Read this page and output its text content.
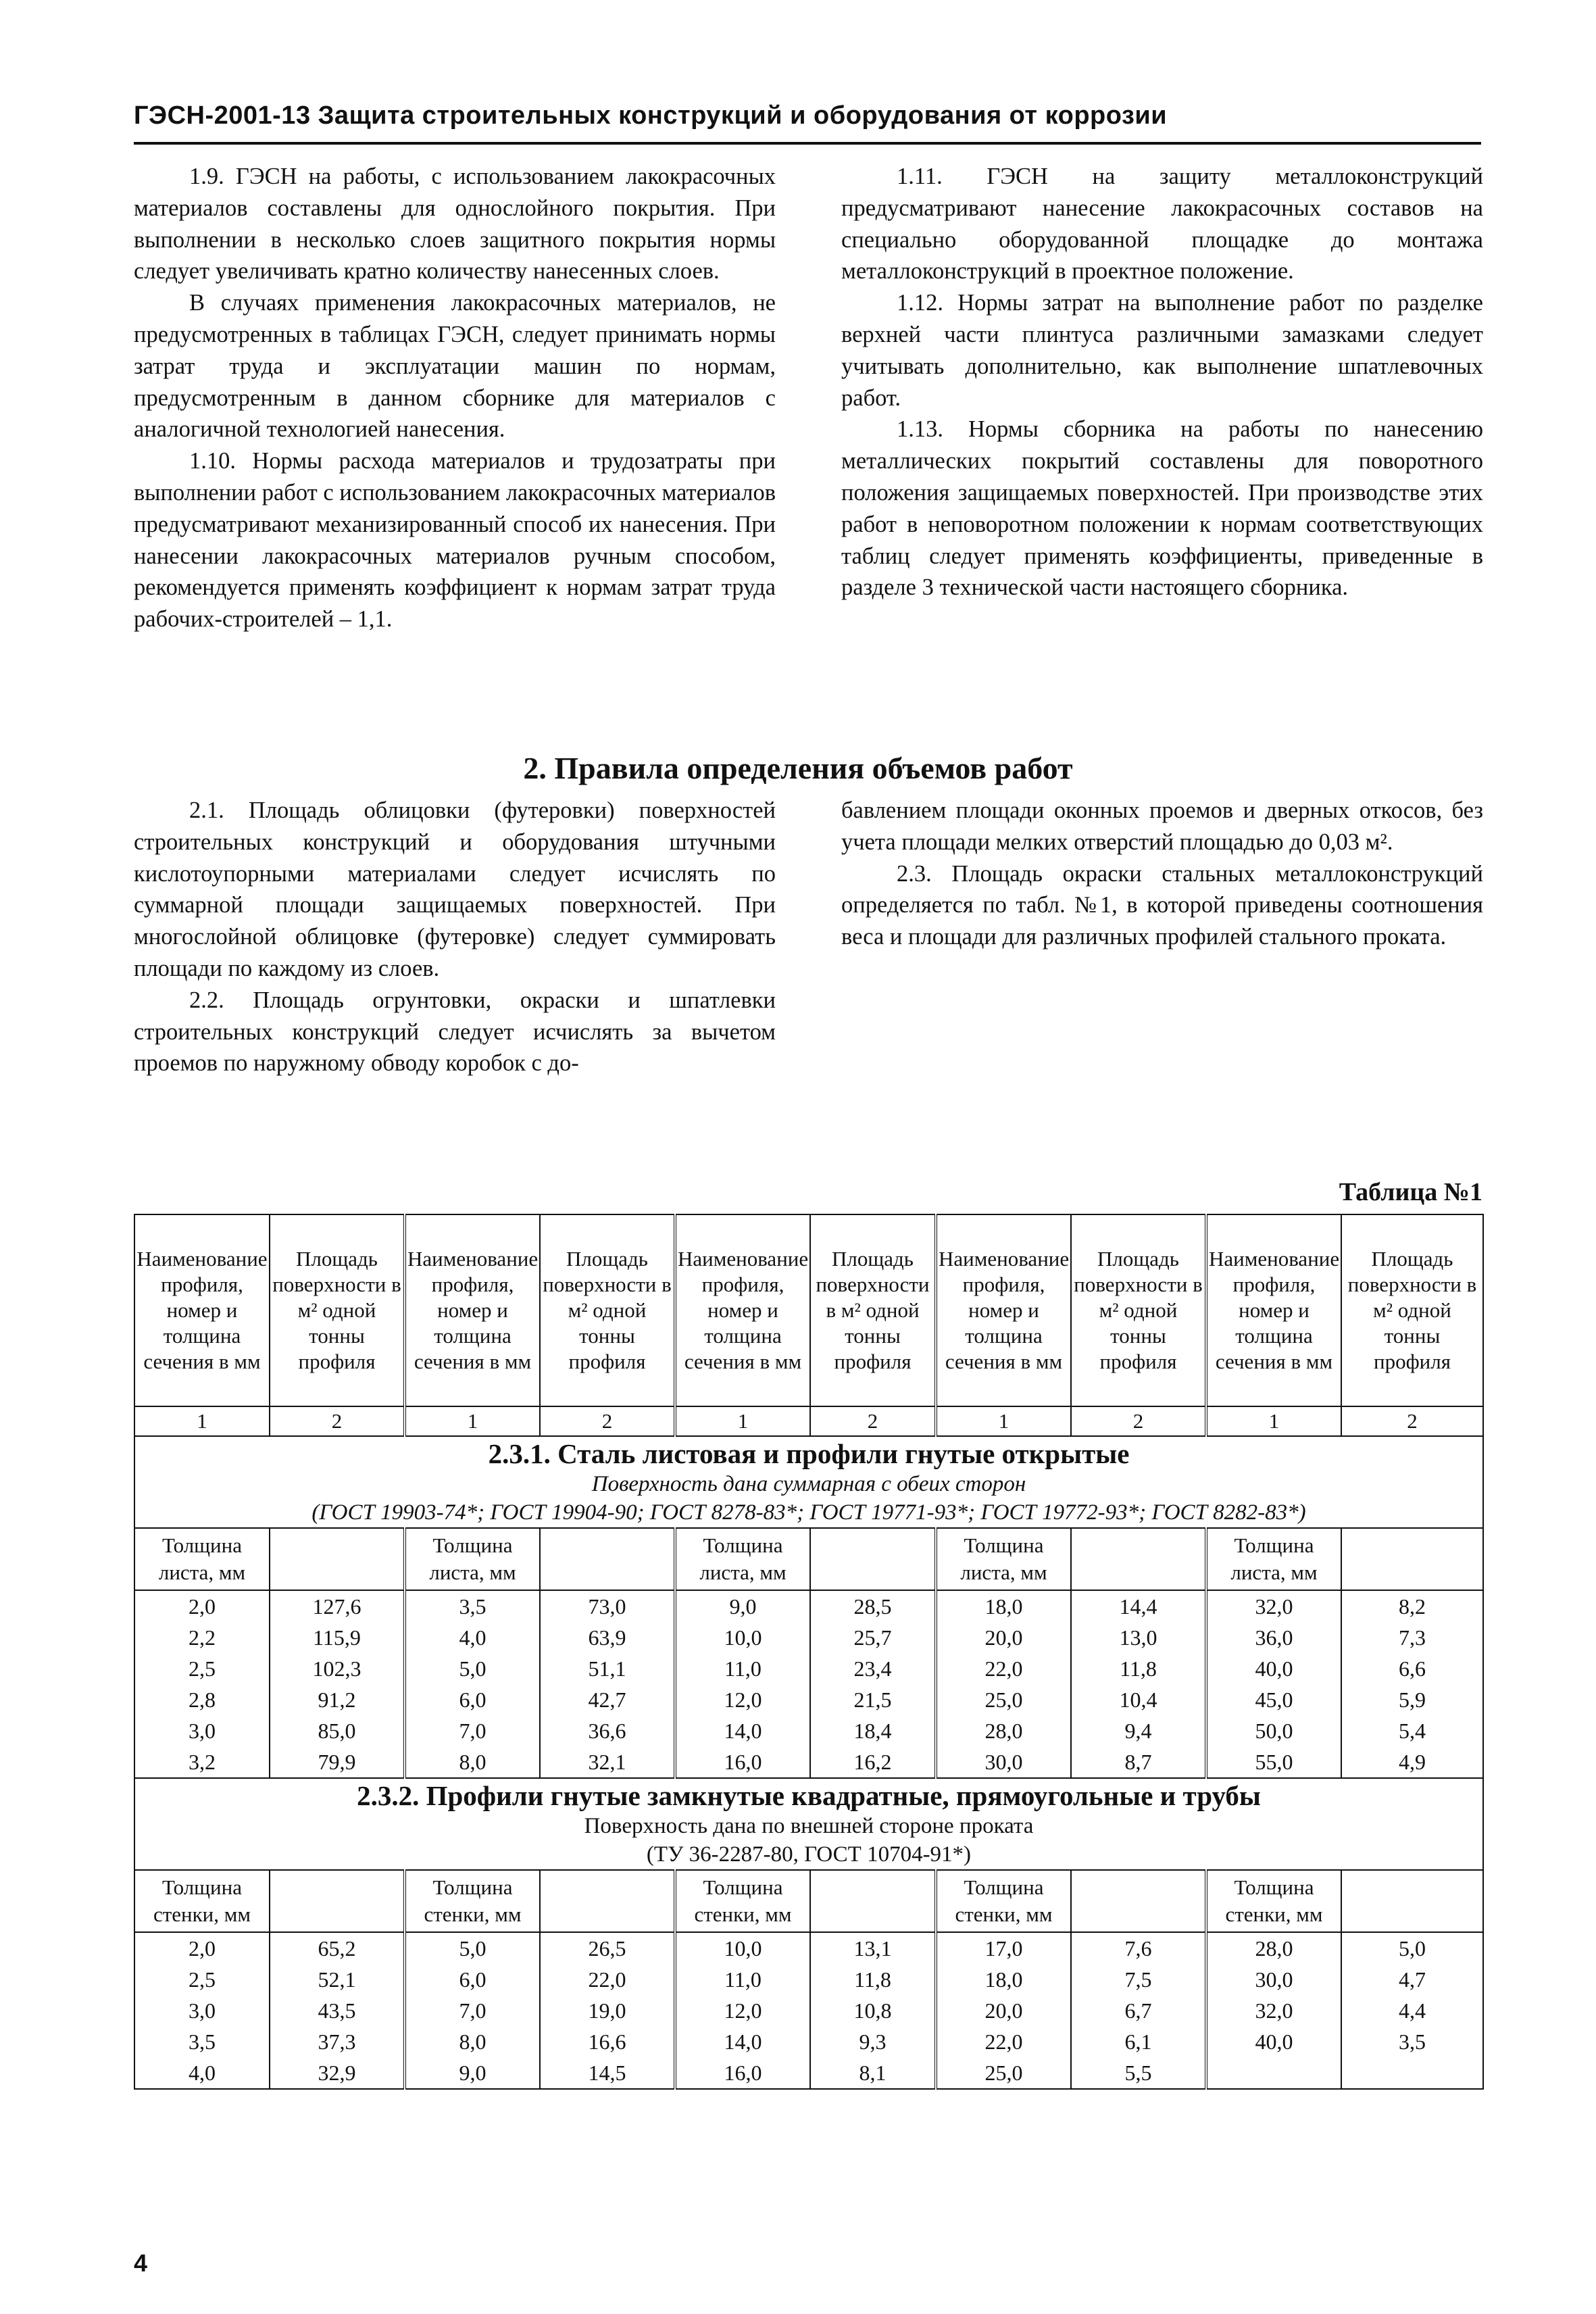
ГЭСН-2001-13 Защита строительных конструкций и оборудования от коррозии

1.9. ГЭСН на работы, с использованием лакокрасочных материалов составлены для однослойного покрытия. При выполнении в несколько слоев защитного покрытия нормы следует увеличивать кратно количеству нанесенных слоев.

В случаях применения лакокрасочных материалов, не предусмотренных в таблицах ГЭСН, следует принимать нормы затрат труда и эксплуатации машин по нормам, предусмотренным в данном сборнике для материалов с аналогичной технологией нанесения.

1.10. Нормы расхода материалов и трудозатраты при выполнении работ с использованием лакокрасочных материалов предусматривают механизированный способ их нанесения. При нанесении лакокрасочных материалов ручным способом, рекомендуется применять коэффициент к нормам затрат труда рабочих-строителей – 1,1.

1.11. ГЭСН на защиту металлоконструкций предусматривают нанесение лакокрасочных составов на специально оборудованной площадке до монтажа металлоконструкций в проектное положение.

1.12. Нормы затрат на выполнение работ по разделке верхней части плинтуса различными замазками следует учитывать дополнительно, как выполнение шпатлевочных работ.

1.13. Нормы сборника на работы по нанесению металлических покрытий составлены для поворотного положения защищаемых поверхностей. При производстве этих работ в неповоротном положении к нормам соответствующих таблиц следует применять коэффициенты, приведенные в разделе 3 технической части настоящего сборника.

2. Правила определения объемов работ

2.1. Площадь облицовки (футеровки) поверхностей строительных конструкций и оборудования штучными кислотоупорными материалами следует исчислять по суммарной площади защищаемых поверхностей. При многослойной облицовке (футеровке) следует суммировать площади по каждому из слоев.

2.2. Площадь огрунтовки, окраски и шпатлевки строительных конструкций следует исчислять за вычетом проемов по наружному обводу коробок с до-

бавлением площади оконных проемов и дверных откосов, без учета площади мелких отверстий площадью до 0,03 м².

2.3. Площадь окраски стальных металлоконструкций определяется по табл. №1, в которой приведены соотношения веса и площади для различных профилей стального проката.

Таблица №1
Наименование профиля, номер и толщина сечения в мм	Площадь поверхности в м² одной тонны профиля	Наименование профиля, номер и толщина сечения в мм	Площадь поверхности в м² одной тонны профиля	Наименование профиля, номер и толщина сечения в мм	Площадь поверхности в м² одной тонны профиля	Наименование профиля, номер и толщина сечения в мм	Площадь поверхности в м² одной тонны профиля	Наименование профиля, номер и толщина сечения в мм	Площадь поверхности в м² одной тонны профиля
1	2	1	2	1	2	1	2	1	2

2.3.1. Сталь листовая и профили гнутые открытые
Поверхность дана суммарная с обеих сторон
(ГОСТ 19903-74*; ГОСТ 19904-90; ГОСТ 8278-83*; ГОСТ 19771-93*; ГОСТ 19772-93*; ГОСТ 8282-83*)									

Толщина листа, мм		Толщина листа, мм		Толщина листа, мм		Толщина листа, мм		Толщина листа, мм	
2,0	127,6	3,5	73,0	9,0	28,5	18,0	14,4	32,0	8,2
2,2	115,9	4,0	63,9	10,0	25,7	20,0	13,0	36,0	7,3
2,5	102,3	5,0	51,1	11,0	23,4	22,0	11,8	40,0	6,6
2,8	91,2	6,0	42,7	12,0	21,5	25,0	10,4	45,0	5,9
3,0	85,0	7,0	36,6	14,0	18,4	28,0	9,4	50,0	5,4
3,2	79,9	8,0	32,1	16,0	16,2	30,0	8,7	55,0	4,9

2.3.2. Профили гнутые замкнутые квадратные, прямоугольные и трубы
Поверхность дана по внешней стороне проката
(ТУ 36-2287-80, ГОСТ 10704-91*)									

Толщина стенки, мм		Толщина стенки, мм		Толщина стенки, мм		Толщина стенки, мм		Толщина стенки, мм	
2,0	65,2	5,0	26,5	10,0	13,1	17,0	7,6	28,0	5,0
2,5	52,1	6,0	22,0	11,0	11,8	18,0	7,5	30,0	4,7
3,0	43,5	7,0	19,0	12,0	10,8	20,0	6,7	32,0	4,4
3,5	37,3	8,0	16,6	14,0	9,3	22,0	6,1	40,0	3,5
4,0	32,9	9,0	14,5	16,0	8,1	25,0	5,5		
4
